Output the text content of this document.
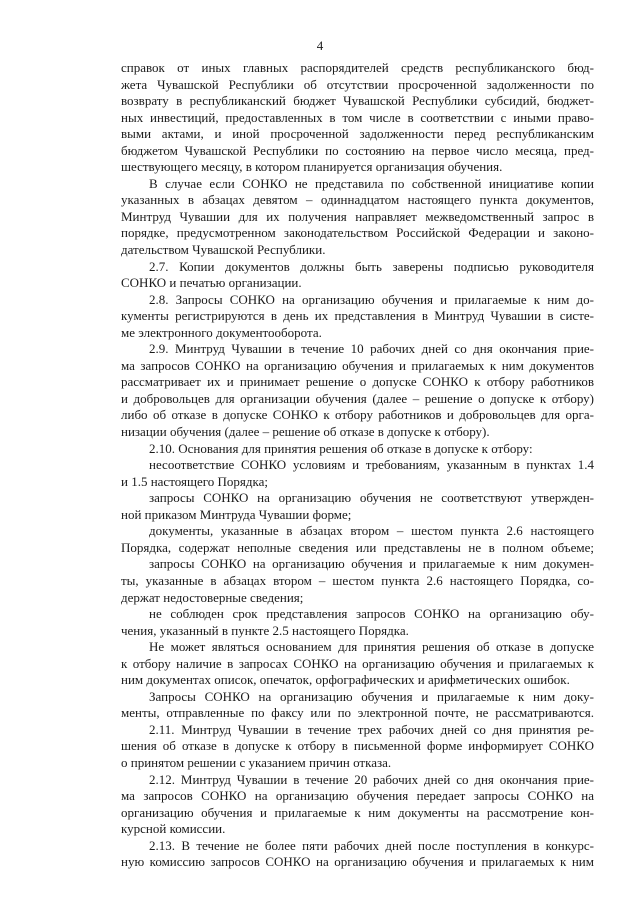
4
справок от иных главных распорядителей средств республиканского бюд-
жета Чувашской Республики об отсутствии просроченной задолженности по
возврату в республиканский бюджет Чувашской Республики субсидий, бюджет-
ных инвестиций, предоставленных в том числе в соответствии с иными право-
выми актами, и иной просроченной задолженности перед республиканским
бюджетом Чувашской Республики по состоянию на первое число месяца, пред-
шествующего месяцу, в котором планируется организация обучения.
В случае если СОНКО не представила по собственной инициативе копии
указанных в абзацах девятом – одиннадцатом настоящего пункта документов,
Минтруд Чувашии для их получения направляет межведомственный запрос в
порядке, предусмотренном законодательством Российской Федерации и законо-
дательством Чувашской Республики.
2.7. Копии документов должны быть заверены подписью руководителя
СОНКО и печатью организации.
2.8. Запросы СОНКО на организацию обучения и прилагаемые к ним до-
кументы регистрируются в день их представления в Минтруд Чувашии в систе-
ме электронного документооборота.
2.9. Минтруд Чувашии в течение 10 рабочих дней со дня окончания прие-
ма запросов СОНКО на организацию обучения и прилагаемых к ним документов
рассматривает их и принимает решение о допуске СОНКО к отбору работников
и добровольцев для организации обучения (далее – решение о допуске к отбору)
либо об отказе в допуске СОНКО к отбору работников и добровольцев для орга-
низации обучения (далее – решение об отказе в допуске к отбору).
2.10. Основания для принятия решения об отказе в допуске к отбору:
несоответствие СОНКО условиям и требованиям, указанным в пунктах 1.4
и 1.5 настоящего Порядка;
запросы СОНКО на организацию обучения не соответствуют утвержден-
ной приказом Минтруда Чувашии форме;
документы, указанные в абзацах втором – шестом пункта 2.6 настоящего
Порядка, содержат неполные сведения или представлены не в полном объеме;
запросы СОНКО на организацию обучения и прилагаемые к ним докумен-
ты, указанные в абзацах втором – шестом пункта 2.6 настоящего Порядка, со-
держат недостоверные сведения;
не соблюден срок представления запросов СОНКО на организацию обу-
чения, указанный в пункте 2.5 настоящего Порядка.
Не может являться основанием для принятия решения об отказе в допуске
к отбору наличие в запросах СОНКО на организацию обучения и прилагаемых к
ним документах описок, опечаток, орфографических и арифметических ошибок.
Запросы СОНКО на организацию обучения и прилагаемые к ним доку-
менты, отправленные по факсу или по электронной почте, не рассматриваются.
2.11. Минтруд Чувашии в течение трех рабочих дней со дня принятия ре-
шения об отказе в допуске к отбору в письменной форме информирует СОНКО
о принятом решении с указанием причин отказа.
2.12. Минтруд Чувашии в течение 20 рабочих дней со дня окончания прие-
ма запросов СОНКО на организацию обучения передает запросы СОНКО на
организацию обучения и прилагаемые к ним документы на рассмотрение кон-
курсной комиссии.
2.13. В течение не более пяти рабочих дней после поступления в конкурс-
ную комиссию запросов СОНКО на организацию обучения и прилагаемых к ним
